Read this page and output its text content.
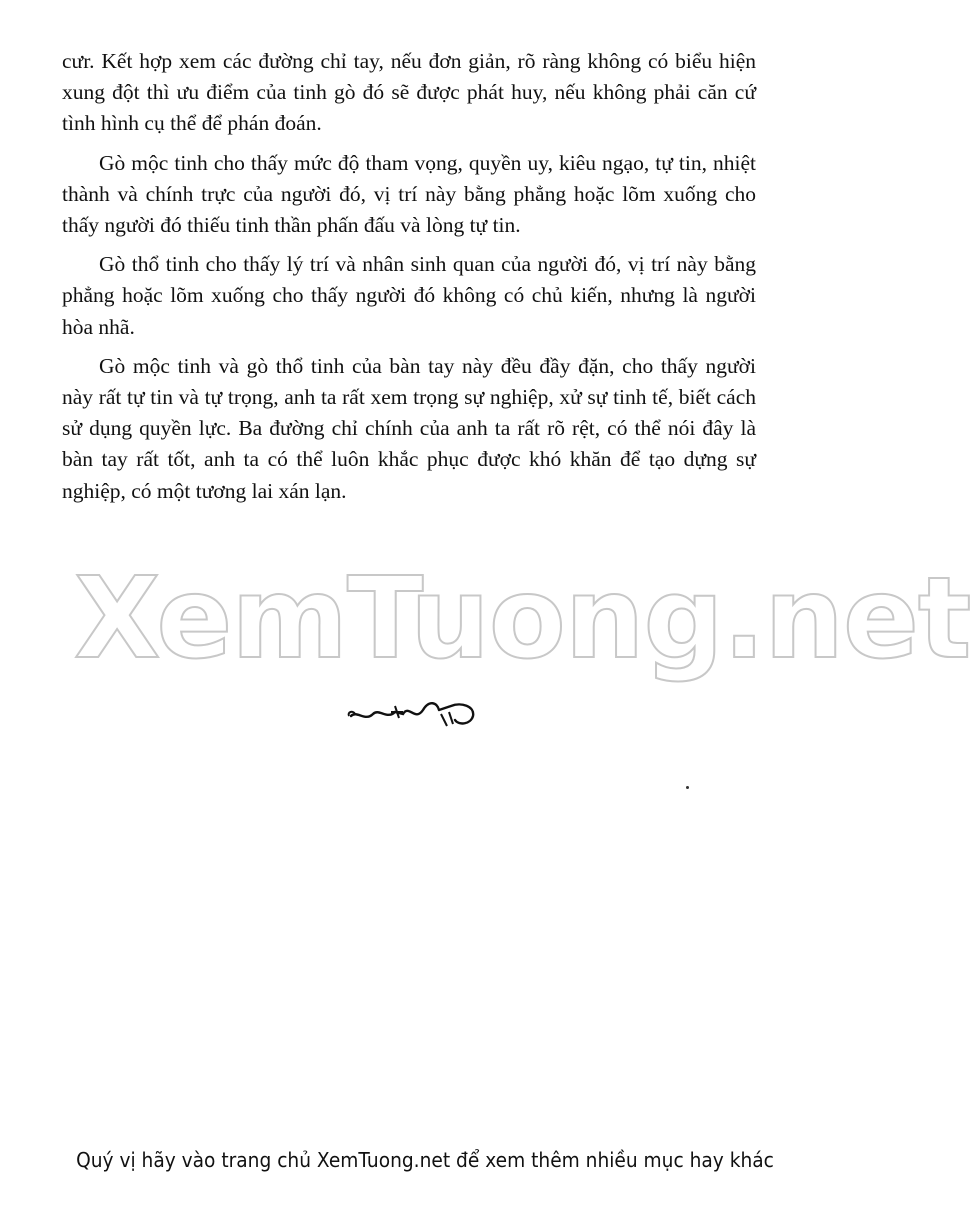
cưr. Kết hợp xem các đường chỉ tay, nếu đơn giản, rõ ràng không có biểu hiện xung đột thì ưu điểm của tinh gò đó sẽ được phát huy, nếu không phải căn cứ tình hình cụ thể để phán đoán.

Gò mộc tinh cho thấy mức độ tham vọng, quyền uy, kiêu ngạo, tự tin, nhiệt thành và chính trực của người đó, vị trí này bằng phẳng hoặc lõm xuống cho thấy người đó thiếu tinh thần phấn đấu và lòng tự tin.

Gò thổ tinh cho thấy lý trí và nhân sinh quan của người đó, vị trí này bằng phẳng hoặc lõm xuống cho thấy người đó không có chủ kiến, nhưng là người hòa nhã.

Gò mộc tinh và gò thổ tinh của bàn tay này đều đầy đặn, cho thấy người này rất tự tin và tự trọng, anh ta rất xem trọng sự nghiệp, xử sự tinh tế, biết cách sử dụng quyền lực. Ba đường chỉ chính của anh ta rất rõ rệt, có thể nói đây là bàn tay rất tốt, anh ta có thể luôn khắc phục được khó khăn để tạo dựng sự nghiệp, có một tương lai xán lạn.

XemTuong.net
Quý vị hãy vào trang chủ XemTuong.net để xem thêm nhiều mục hay khác
